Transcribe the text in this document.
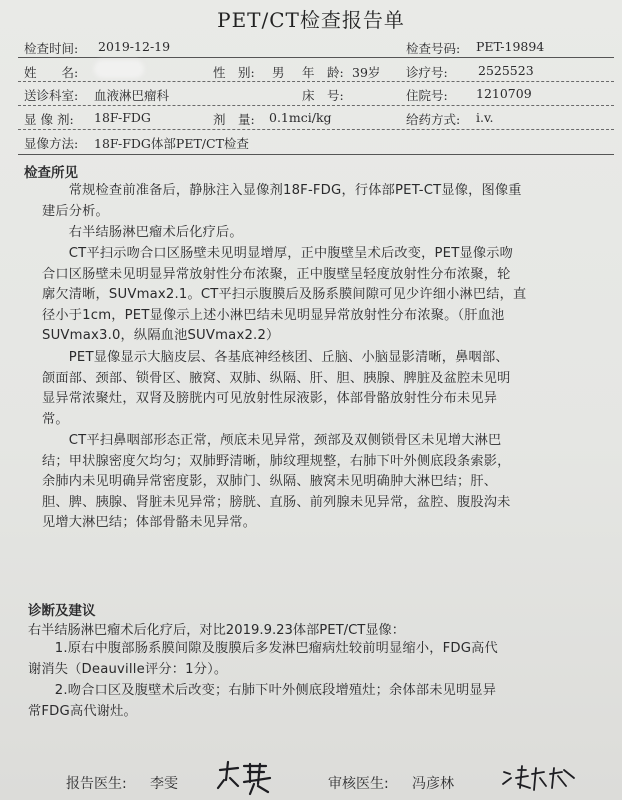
PET/CT检查报告单
检查时间: 2019-12-19	检查号码: PET-19894
姓　　名:	性　别: 男 年　龄: 39岁 诊疗号: 2525523
送诊科室: 血液淋巴瘤科	床　号:	住院号: 1210709
显 像 剂: 18F-FDG	剂　量: 0.1mci/kg	给药方式: i.v.
显像方法: 18F-FDG体部PET/CT检查
检查所见
　　常规检查前准备后，静脉注入显像剂18F-FDG，行体部PET-CT显像，图像重
建后分析。
　　右半结肠淋巴瘤术后化疗后。
　　CT平扫示吻合口区肠壁未见明显增厚，正中腹壁呈术后改变，PET显像示吻
合口区肠壁未见明显异常放射性分布浓聚，正中腹壁呈轻度放射性分布浓聚，轮
廓欠清晰，SUVmax2.1。CT平扫示腹膜后及肠系膜间隙可见少许细小淋巴结，直
径小于1cm，PET显像示上述小淋巴结未见明显异常放射性分布浓聚。（肝血池
SUVmax3.0，纵隔血池SUVmax2.2）
　　PET显像显示大脑皮层、各基底神经核团、丘脑、小脑显影清晰，鼻咽部、
颌面部、颈部、锁骨区、腋窝、双肺、纵隔、肝、胆、胰腺、脾脏及盆腔未见明
显异常浓聚灶，双肾及膀胱内可见放射性尿液影，体部骨骼放射性分布未见异
常。
　　CT平扫鼻咽部形态正常，颅底未见异常，颈部及双侧锁骨区未见增大淋巴
结；甲状腺密度欠均匀；双肺野清晰，肺纹理规整，右肺下叶外侧底段条索影，
余肺内未见明确异常密度影，双肺门、纵隔、腋窝未见明确肿大淋巴结；肝、
胆、脾、胰腺、肾脏未见异常；膀胱、直肠、前列腺未见异常，盆腔、腹股沟未
见增大淋巴结；体部骨骼未见异常。
诊断及建议
右半结肠淋巴瘤术后化疗后，对比2019.9.23体部PET/CT显像：
　　1.原右中腹部肠系膜间隙及腹膜后多发淋巴瘤病灶较前明显缩小，FDG高代
谢消失（Deauville评分：1分）。
　　2.吻合口区及腹壁术后改变；右肺下叶外侧底段增殖灶；余体部未见明显异
常FDG高代谢灶。
报告医生: 李雯	审核医生: 冯彦林
